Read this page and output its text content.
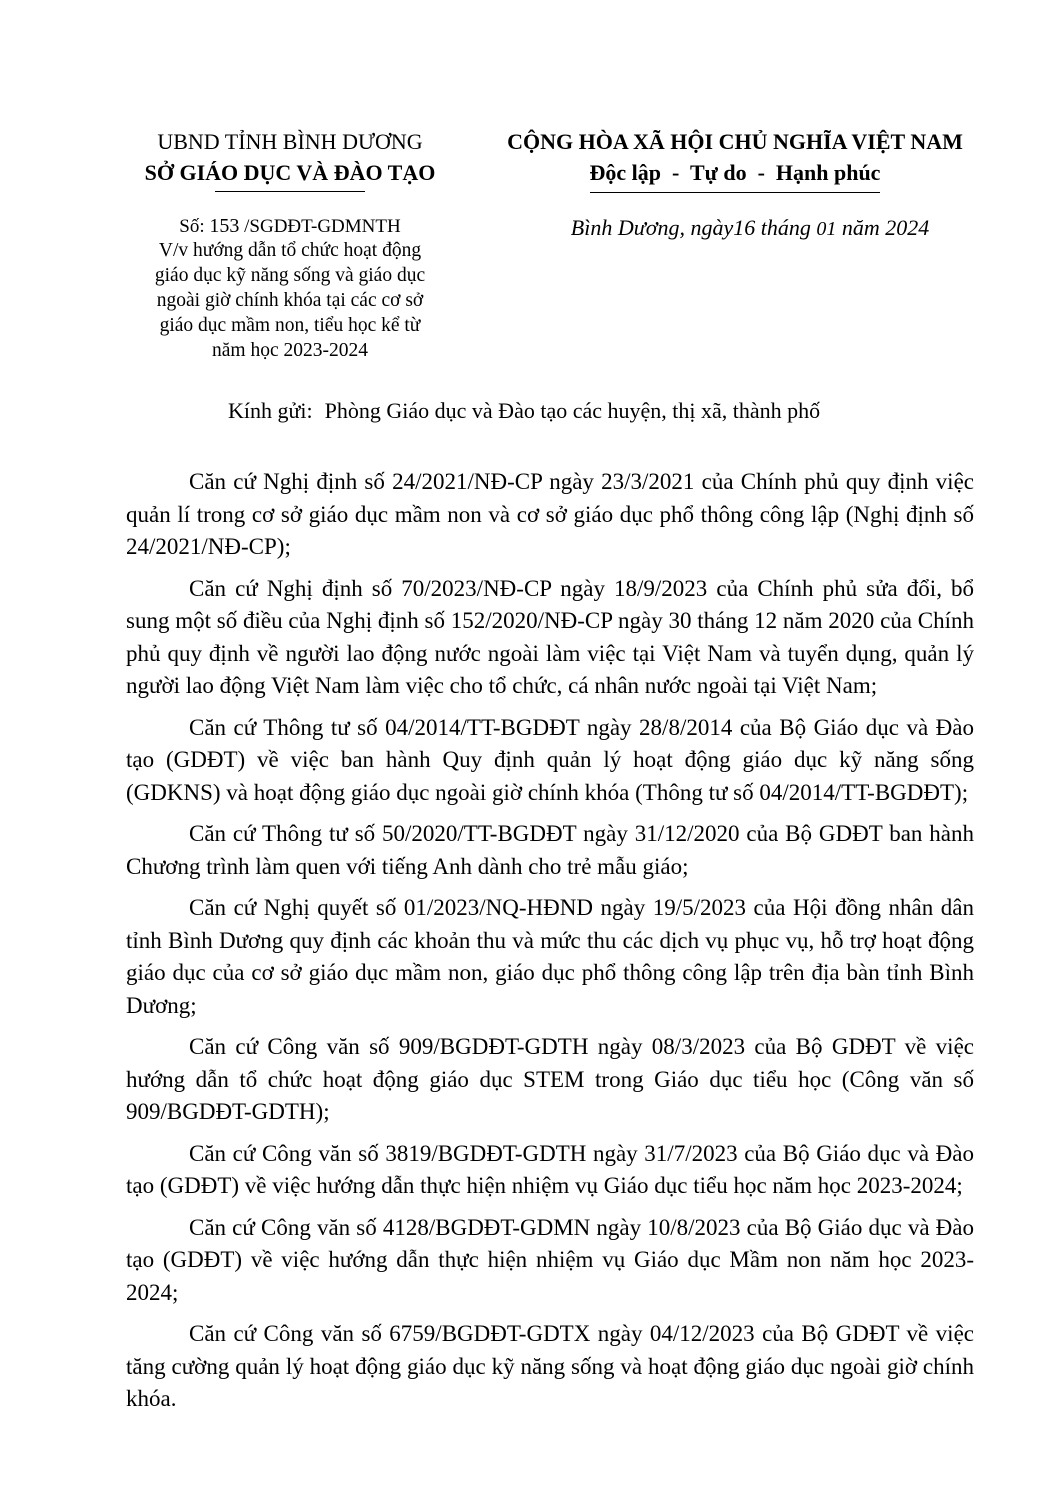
UBND TỈNH BÌNH DƯƠNG
SỞ GIÁO DỤC VÀ ĐÀO TẠO
CỘNG HÒA XÃ HỘI CHỦ NGHĨA VIỆT NAM
Độc lập  -  Tự do  -  Hạnh phúc
Số: 153 /SGDĐT-GDMNTH
V/v hướng dẫn tổ chức hoạt động
giáo dục kỹ năng sống và giáo dục
ngoài giờ chính khóa tại các cơ sở
giáo dục mầm non, tiểu học kể từ
năm học 2023-2024
Bình Dương, ngày16 tháng 01 năm 2024
Kính gửi: Phòng Giáo dục và Đào tạo các huyện, thị xã, thành phố

Căn cứ Nghị định số 24/2021/NĐ-CP ngày 23/3/2021 của Chính phủ quy định việc quản lí trong cơ sở giáo dục mầm non và cơ sở giáo dục phổ thông công lập (Nghị định số 24/2021/NĐ-CP);

Căn cứ Nghị định số 70/2023/NĐ-CP ngày 18/9/2023 của Chính phủ sửa đổi, bổ sung một số điều của Nghị định số 152/2020/NĐ-CP ngày 30 tháng 12 năm 2020 của Chính phủ quy định về người lao động nước ngoài làm việc tại Việt Nam và tuyển dụng, quản lý người lao động Việt Nam làm việc cho tổ chức, cá nhân nước ngoài tại Việt Nam;

Căn cứ Thông tư số 04/2014/TT-BGDĐT ngày 28/8/2014 của Bộ Giáo dục và Đào tạo (GDĐT) về việc ban hành Quy định quản lý hoạt động giáo dục kỹ năng sống (GDKNS) và hoạt động giáo dục ngoài giờ chính khóa (Thông tư số 04/2014/TT-BGDĐT);

Căn cứ Thông tư số 50/2020/TT-BGDĐT ngày 31/12/2020 của Bộ GDĐT ban hành Chương trình làm quen với tiếng Anh dành cho trẻ mẫu giáo;

Căn cứ Nghị quyết số 01/2023/NQ-HĐND ngày 19/5/2023 của Hội đồng nhân dân tỉnh Bình Dương quy định các khoản thu và mức thu các dịch vụ phục vụ, hỗ trợ hoạt động giáo dục của cơ sở giáo dục mầm non, giáo dục phổ thông công lập trên địa bàn tỉnh Bình Dương;

Căn cứ Công văn số 909/BGDĐT-GDTH ngày 08/3/2023 của Bộ GDĐT về việc hướng dẫn tổ chức hoạt động giáo dục STEM trong Giáo dục tiểu học (Công văn số 909/BGDĐT-GDTH);

Căn cứ Công văn số 3819/BGDĐT-GDTH ngày 31/7/2023 của Bộ Giáo dục và Đào tạo (GDĐT) về việc hướng dẫn thực hiện nhiệm vụ Giáo dục tiểu học năm học 2023-2024;

Căn cứ Công văn số 4128/BGDĐT-GDMN ngày 10/8/2023 của Bộ Giáo dục và Đào tạo (GDĐT) về việc hướng dẫn thực hiện nhiệm vụ Giáo dục Mầm non năm học 2023-2024;

Căn cứ Công văn số 6759/BGDĐT-GDTX ngày 04/12/2023 của Bộ GDĐT về việc tăng cường quản lý hoạt động giáo dục kỹ năng sống và hoạt động giáo dục ngoài giờ chính khóa.
